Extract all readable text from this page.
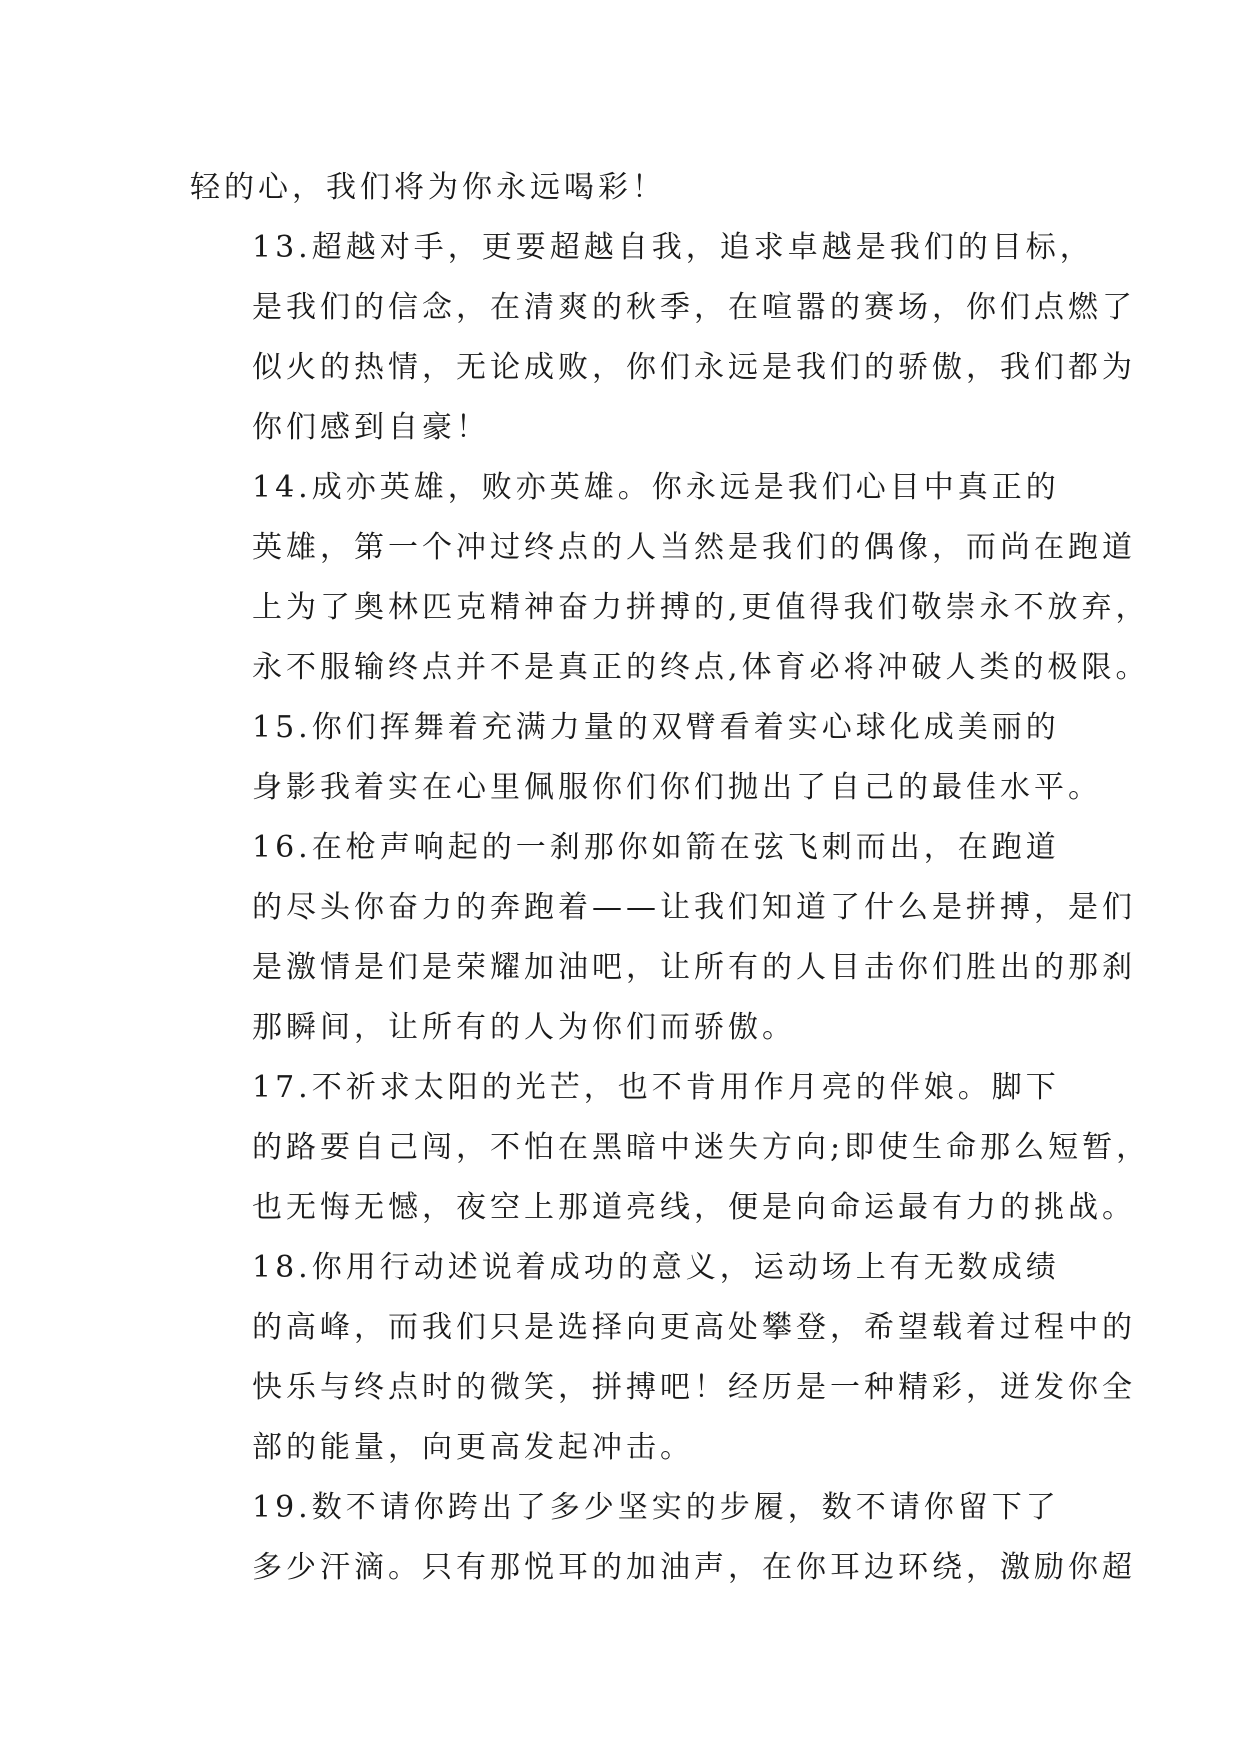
轻的心，我们将为你永远喝彩！

13.超越对手，更要超越自我，追求卓越是我们的目标，
是我们的信念，在清爽的秋季，在喧嚣的赛场，你们点燃了
似火的热情，无论成败，你们永远是我们的骄傲，我们都为
你们感到自豪！

14.成亦英雄，败亦英雄。你永远是我们心目中真正的
英雄，第一个冲过终点的人当然是我们的偶像，而尚在跑道
上为了奥林匹克精神奋力拼搏的,更值得我们敬崇永不放弃，
永不服输终点并不是真正的终点,体育必将冲破人类的极限。

15.你们挥舞着充满力量的双臂看着实心球化成美丽的
身影我着实在心里佩服你们你们抛出了自己的最佳水平。

16.在枪声响起的一刹那你如箭在弦飞刺而出，在跑道
的尽头你奋力的奔跑着——让我们知道了什么是拼搏，是们
是激情是们是荣耀加油吧，让所有的人目击你们胜出的那刹
那瞬间，让所有的人为你们而骄傲。

17.不祈求太阳的光芒，也不肯用作月亮的伴娘。脚下
的路要自己闯，不怕在黑暗中迷失方向;即使生命那么短暂，
也无悔无憾，夜空上那道亮线，便是向命运最有力的挑战。

18.你用行动述说着成功的意义，运动场上有无数成绩
的高峰，而我们只是选择向更高处攀登，希望载着过程中的
快乐与终点时的微笑，拼搏吧！经历是一种精彩，迸发你全
部的能量，向更高发起冲击。

19.数不请你跨出了多少坚实的步履，数不请你留下了
多少汗滴。只有那悦耳的加油声，在你耳边环绕，激励你超
